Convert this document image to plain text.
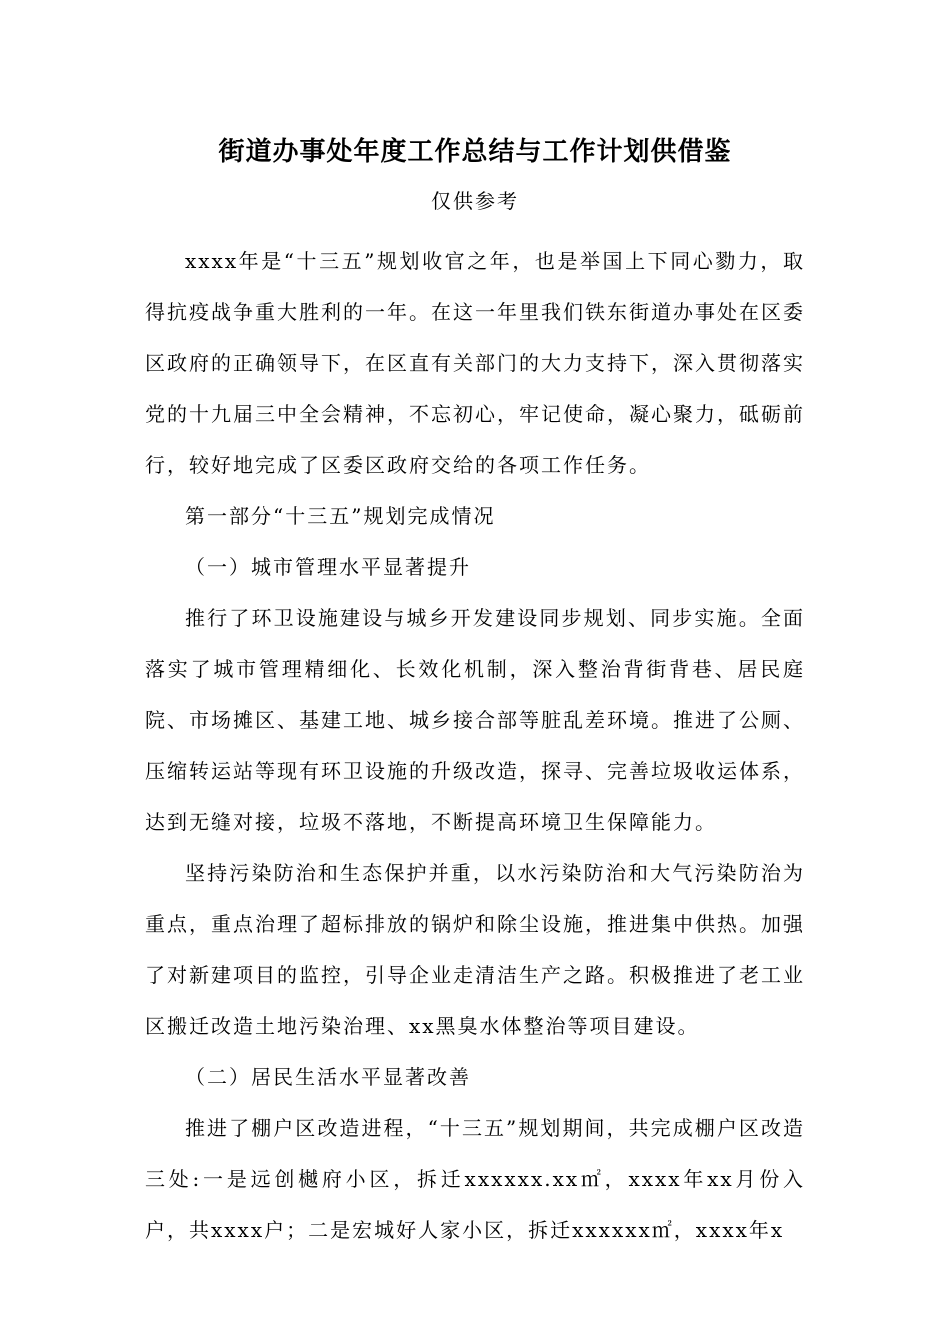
街道办事处年度工作总结与工作计划供借鉴
仅供参考

xxxx年是“十三五”规划收官之年，也是举国上下同心勠力，取得抗疫战争重大胜利的一年。在这一年里我们铁东街道办事处在区委区政府的正确领导下，在区直有关部门的大力支持下，深入贯彻落实党的十九届三中全会精神，不忘初心，牢记使命，凝心聚力，砥砺前行，较好地完成了区委区政府交给的各项工作任务。

第一部分“十三五”规划完成情况

（一）城市管理水平显著提升

推行了环卫设施建设与城乡开发建设同步规划、同步实施。全面落实了城市管理精细化、长效化机制，深入整治背街背巷、居民庭院、市场摊区、基建工地、城乡接合部等脏乱差环境。推进了公厕、压缩转运站等现有环卫设施的升级改造，探寻、完善垃圾收运体系，达到无缝对接，垃圾不落地，不断提高环境卫生保障能力。

坚持污染防治和生态保护并重，以水污染防治和大气污染防治为重点，重点治理了超标排放的锅炉和除尘设施，推进集中供热。加强了对新建项目的监控，引导企业走清洁生产之路。积极推进了老工业区搬迁改造土地污染治理、xx黑臭水体整治等项目建设。

（二）居民生活水平显著改善

推进了棚户区改造进程，“十三五”规划期间，共完成棚户区改造三处:一是远创樾府小区，拆迁xxxxxx.xx㎡，xxxx年xx月份入户，共xxxx户；二是宏城好人家小区，拆迁xxxxxx㎡，xxxx年x
